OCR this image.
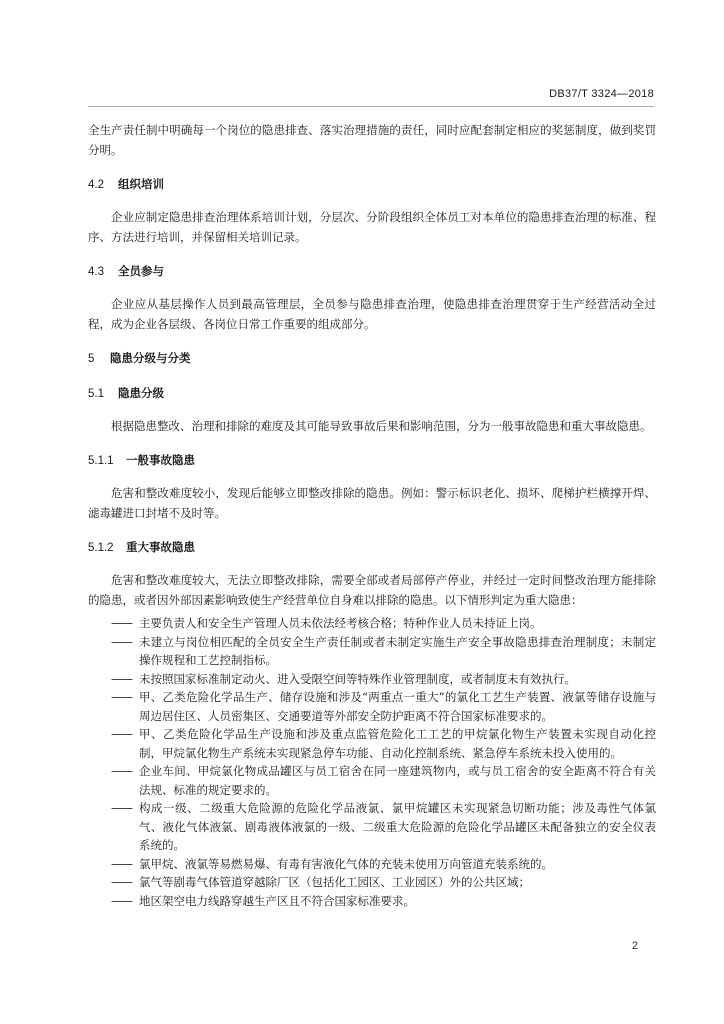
DB37/T 3324—2018

全生产责任制中明确每一个岗位的隐患排查、落实治理措施的责任，同时应配套制定相应的奖惩制度，做到奖罚分明。

4.2 组织培训

企业应制定隐患排查治理体系培训计划，分层次、分阶段组织全体员工对本单位的隐患排查治理的标准、程序、方法进行培训，并保留相关培训记录。

4.3 全员参与

企业应从基层操作人员到最高管理层，全员参与隐患排查治理，使隐患排查治理贯穿于生产经营活动全过程，成为企业各层级、各岗位日常工作重要的组成部分。

5 隐患分级与分类
5.1 隐患分级

根据隐患整改、治理和排除的难度及其可能导致事故后果和影响范围，分为一般事故隐患和重大事故隐患。

5.1.1 一般事故隐患

危害和整改难度较小，发现后能够立即整改排除的隐患。例如：警示标识老化、损坏、爬梯护栏横撑开焊、滤毒罐进口封堵不及时等。

5.1.2 重大事故隐患

危害和整改难度较大，无法立即整改排除，需要全部或者局部停产停业，并经过一定时间整改治理方能排除的隐患，或者因外部因素影响致使生产经营单位自身难以排除的隐患。以下情形判定为重大隐患：

—— 主要负责人和安全生产管理人员未依法经考核合格；特种作业人员未持证上岗。
—— 未建立与岗位相匹配的全员安全生产责任制或者未制定实施生产安全事故隐患排查治理制度；未制定操作规程和工艺控制指标。
—— 未按照国家标准制定动火、进入受限空间等特殊作业管理制度，或者制度未有效执行。
—— 甲、乙类危险化学品生产、储存设施和涉及“两重点一重大”的氯化工艺生产装置、液氯等储存设施与周边居住区、人员密集区、交通要道等外部安全防护距离不符合国家标准要求的。
—— 甲、乙类危险化学品生产设施和涉及重点监管危险化工工艺的甲烷氯化物生产装置未实现自动化控制，甲烷氯化物生产系统未实现紧急停车功能、自动化控制系统、紧急停车系统未投入使用的。
—— 企业车间、甲烷氯化物成品罐区与员工宿舍在同一座建筑物内，或与员工宿舍的安全距离不符合有关法规、标准的规定要求的。
—— 构成一级、二级重大危险源的危险化学品液氯、氯甲烷罐区未实现紧急切断功能；涉及毒性气体氯气、液化气体液氯、剧毒液体液氯的一级、二级重大危险源的危险化学品罐区未配备独立的安全仪表系统的。
—— 氯甲烷、液氯等易燃易爆、有毒有害液化气体的充装未使用万向管道充装系统的。
—— 氯气等剧毒气体管道穿越除厂区（包括化工园区、工业园区）外的公共区域；
—— 地区架空电力线路穿越生产区且不符合国家标准要求。
2
